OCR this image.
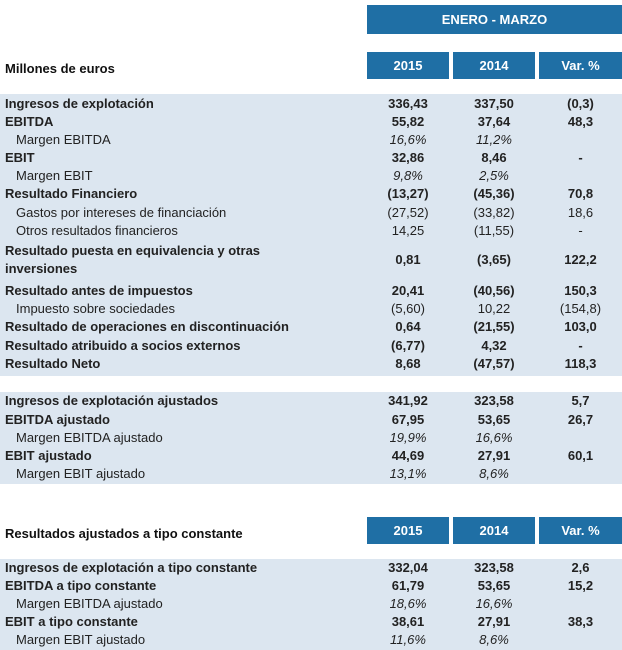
ENERO - MARZO
Millones de euros	2015	2014	Var. %
Ingresos de explotación	336,43	337,50	(0,3)
EBITDA	55,82	37,64	48,3
Margen EBITDA	16,6%	11,2%
EBIT	32,86	8,46	-
Margen EBIT	9,8%	2,5%
Resultado Financiero	(13,27)	(45,36)	70,8
Gastos por intereses de financiación	(27,52)	(33,82)	18,6
Otros resultados financieros	14,25	(11,55)	-
Resultado puesta en equivalencia y otras
inversiones
0,81	(3,65)	122,2
Resultado antes de impuestos	20,41	(40,56)	150,3
Impuesto sobre sociedades	(5,60)	10,22	(154,8)
Resultado de operaciones en discontinuación	0,64	(21,55)	103,0
Resultado atribuido a socios externos	(6,77)	4,32	-
Resultado Neto	8,68	(47,57)	118,3
Ingresos de explotación ajustados	341,92	323,58	5,7
EBITDA ajustado	67,95	53,65	26,7
Margen EBITDA ajustado	19,9%	16,6%
EBIT ajustado	44,69	27,91	60,1
Margen EBIT ajustado	13,1%	8,6%
Resultados ajustados a tipo constante	2015	2014	Var. %
Ingresos de explotación a tipo constante	332,04	323,58	2,6
EBITDA a tipo constante	61,79	53,65	15,2
Margen EBITDA ajustado	18,6%	16,6%
EBIT a tipo constante	38,61	27,91	38,3
Margen EBIT ajustado	11,6%	8,6%
